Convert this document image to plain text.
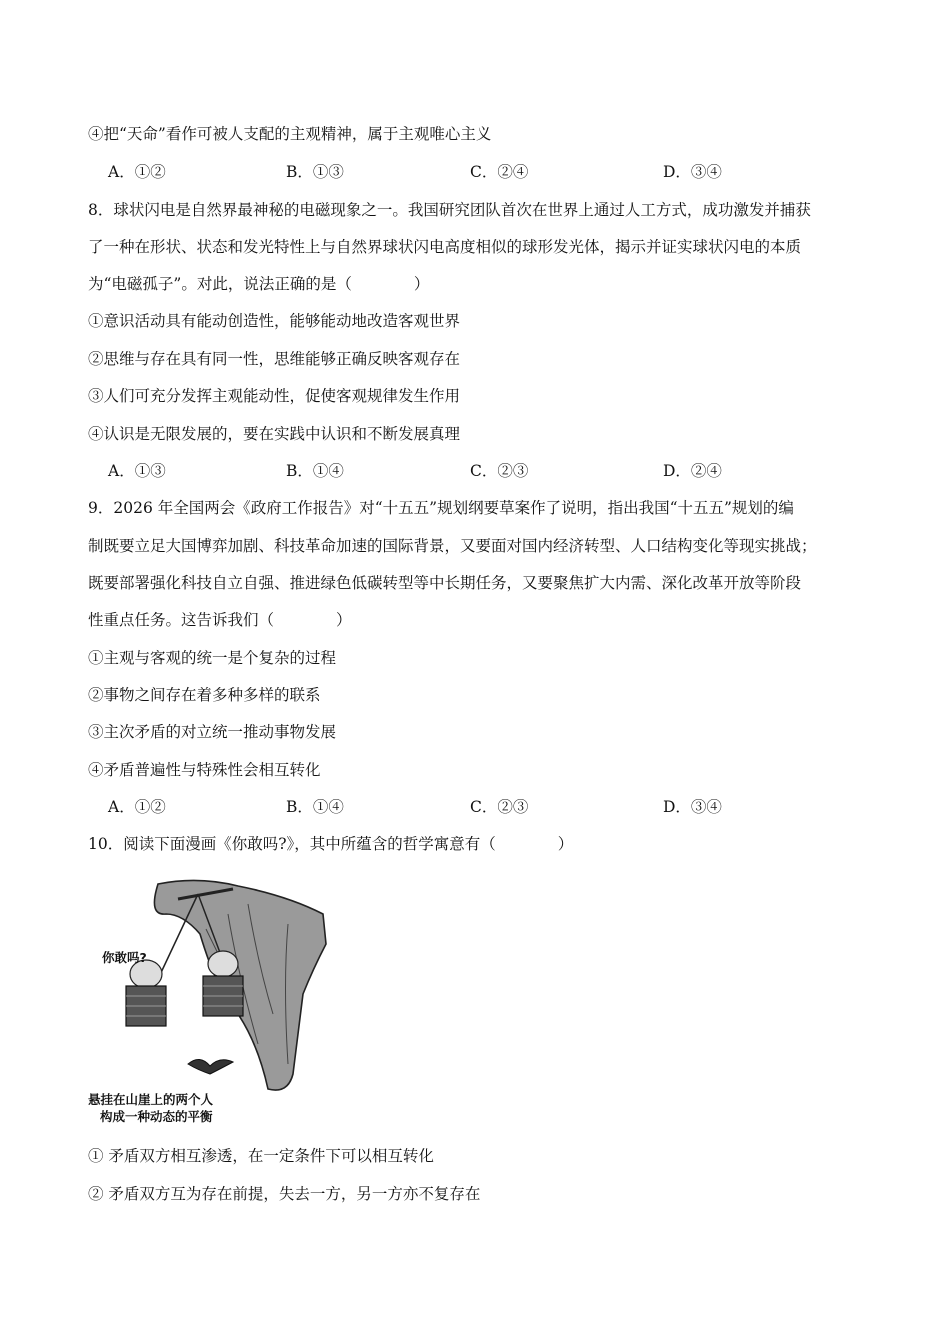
④把“天命”看作可被人支配的主观精神，属于主观唯心主义
A．①②	B．①③	C．②④	D．③④
8．球状闪电是自然界最神秘的电磁现象之一。我国研究团队首次在世界上通过人工方式，成功激发并捕获
了一种在形状、状态和发光特性上与自然界球状闪电高度相似的球形发光体，揭示并证实球状闪电的本质
为“电磁孤子”。对此，说法正确的是（　　　　）
①意识活动具有能动创造性，能够能动地改造客观世界
②思维与存在具有同一性，思维能够正确反映客观存在
③人们可充分发挥主观能动性，促使客观规律发生作用
④认识是无限发展的，要在实践中认识和不断发展真理
A．①③	B．①④	C．②③	D．②④
9．2026 年全国两会《政府工作报告》对“十五五”规划纲要草案作了说明，指出我国“十五五”规划的编
制既要立足大国博弈加剧、科技革命加速的国际背景，又要面对国内经济转型、人口结构变化等现实挑战；
既要部署强化科技自立自强、推进绿色低碳转型等中长期任务，又要聚焦扩大内需、深化改革开放等阶段
性重点任务。这告诉我们（　　　　）
①主观与客观的统一是个复杂的过程
②事物之间存在着多种多样的联系
③主次矛盾的对立统一推动事物发展
④矛盾普遍性与特殊性会相互转化
A．①②	B．①④	C．②③	D．③④
10．阅读下面漫画《你敢吗?》，其中所蕴含的哲学寓意有（　　　　）
你敢吗?
悬挂在山崖上的两个人
构成一种动态的平衡
① 矛盾双方相互渗透，在一定条件下可以相互转化
② 矛盾双方互为存在前提，失去一方，另一方亦不复存在
